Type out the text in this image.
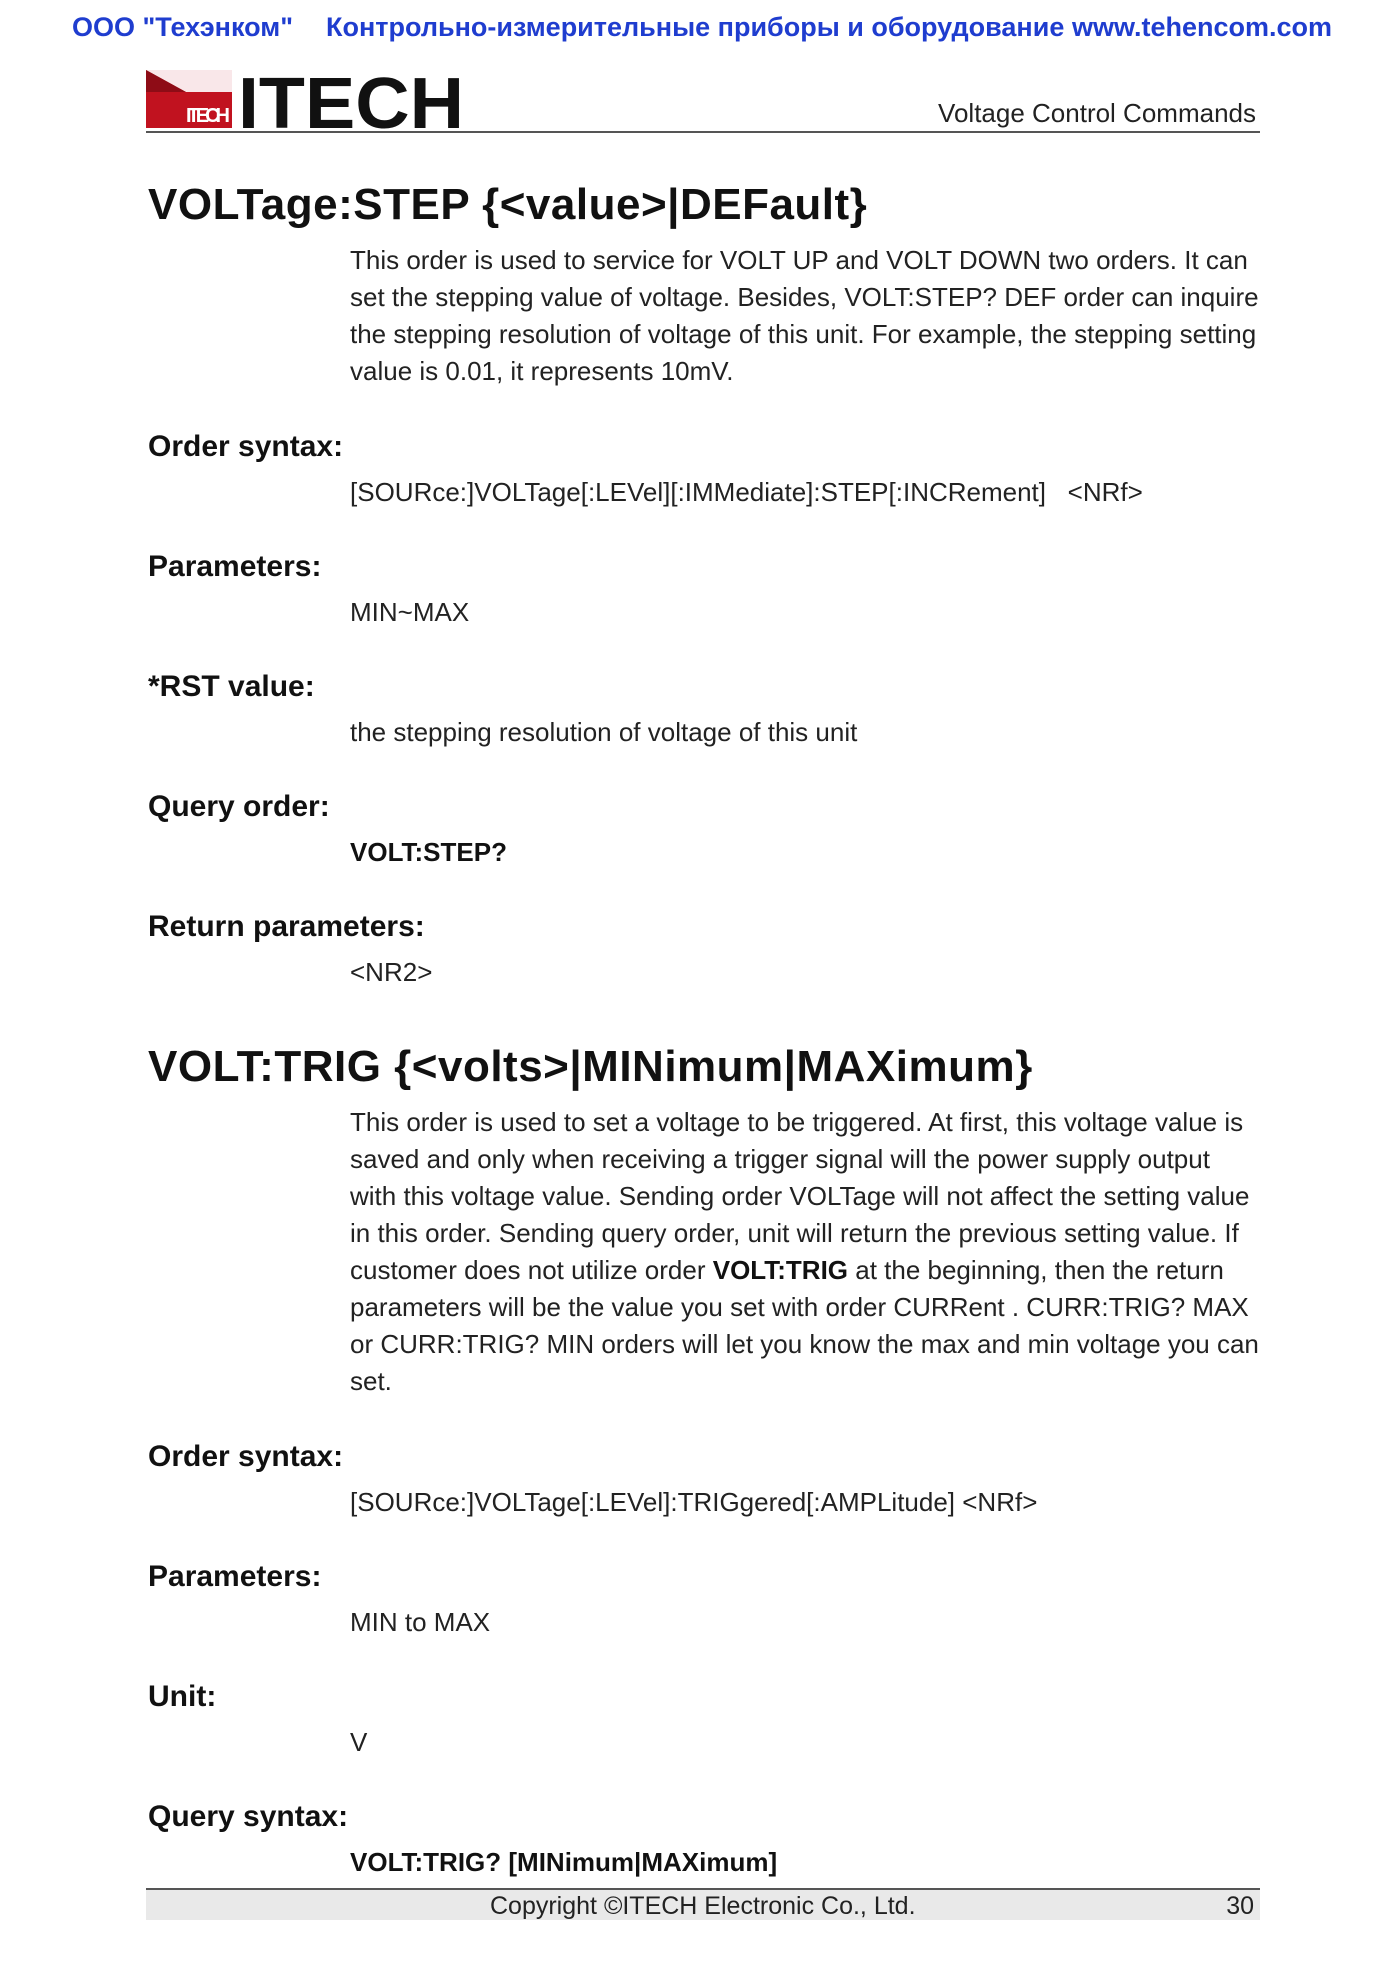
ООО "Техэнком" Контрольно-измерительные приборы и оборудование www.tehencom.com
ITECH ITECH	Voltage Control Commands
VOLTage:STEP {<value>|DEFault}

This order is used to service for VOLT UP and VOLT DOWN two orders. It can set the stepping value of voltage. Besides, VOLT:STEP? DEF order can inquire the stepping resolution of voltage of this unit. For example, the stepping setting value is 0.01, it represents 10mV.

Order syntax:

[SOURce:]VOLTage[:LEVel][:IMMediate]:STEP[:INCRement]   <NRf>

Parameters:

MIN~MAX

*RST value:

the stepping resolution of voltage of this unit

Query order:

VOLT:STEP?

Return parameters:

<NR2>

VOLT:TRIG {<volts>|MINimum|MAXimum}

This order is used to set a voltage to be triggered. At first, this voltage value is saved and only when receiving a trigger signal will the power supply output with this voltage value. Sending order VOLTage will not affect the setting value in this order. Sending query order, unit will return the previous setting value. If customer does not utilize order VOLT:TRIG at the beginning, then the return parameters will be the value you set with order CURRent . CURR:TRIG? MAX or CURR:TRIG? MIN orders will let you know the max and min voltage you can set.

Order syntax:

[SOURce:]VOLTage[:LEVel]:TRIGgered[:AMPLitude] <NRf>

Parameters:

MIN to MAX

Unit:

V

Query syntax:

VOLT:TRIG? [MINimum|MAXimum]

Copyright ©ITECH Electronic Co., Ltd.	30
